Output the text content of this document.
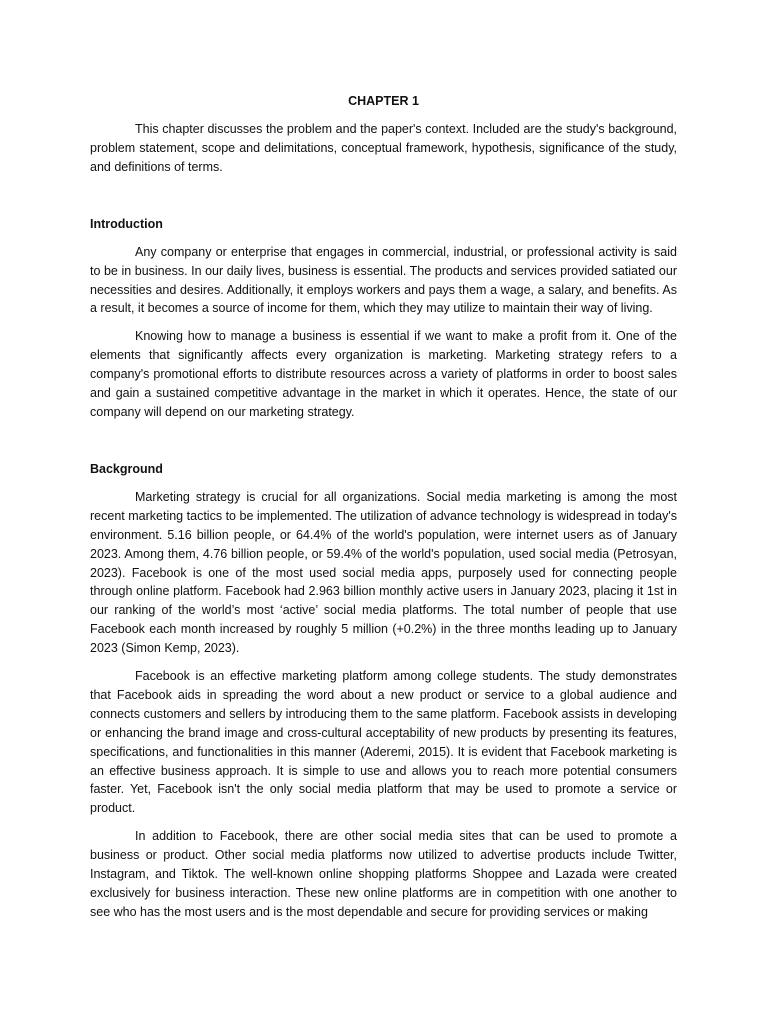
CHAPTER 1

This chapter discusses the problem and the paper's context. Included are the study's background, problem statement, scope and delimitations, conceptual framework, hypothesis, significance of the study, and definitions of terms.

Introduction

Any company or enterprise that engages in commercial, industrial, or professional activity is said to be in business. In our daily lives, business is essential. The products and services provided satiated our necessities and desires. Additionally, it employs workers and pays them a wage, a salary, and benefits. As a result, it becomes a source of income for them, which they may utilize to maintain their way of living.

Knowing how to manage a business is essential if we want to make a profit from it. One of the elements that significantly affects every organization is marketing. Marketing strategy refers to a company's promotional efforts to distribute resources across a variety of platforms in order to boost sales and gain a sustained competitive advantage in the market in which it operates. Hence, the state of our company will depend on our marketing strategy.

Background

Marketing strategy is crucial for all organizations. Social media marketing is among the most recent marketing tactics to be implemented. The utilization of advance technology is widespread in today's environment. 5.16 billion people, or 64.4% of the world's population, were internet users as of January 2023. Among them, 4.76 billion people, or 59.4% of the world's population, used social media (Petrosyan, 2023). Facebook is one of the most used social media apps, purposely used for connecting people through online platform. Facebook had 2.963 billion monthly active users in January 2023, placing it 1st in our ranking of the world’s most ‘active’ social media platforms. The total number of people that use Facebook each month increased by roughly 5 million (+0.2%) in the three months leading up to January 2023 (Simon Kemp, 2023).

Facebook is an effective marketing platform among college students. The study demonstrates that Facebook aids in spreading the word about a new product or service to a global audience and connects customers and sellers by introducing them to the same platform. Facebook assists in developing or enhancing the brand image and cross-cultural acceptability of new products by presenting its features, specifications, and functionalities in this manner (Aderemi, 2015). It is evident that Facebook marketing is an effective business approach. It is simple to use and allows you to reach more potential consumers faster. Yet, Facebook isn't the only social media platform that may be used to promote a service or product.

In addition to Facebook, there are other social media sites that can be used to promote a business or product. Other social media platforms now utilized to advertise products include Twitter, Instagram, and Tiktok. The well-known online shopping platforms Shoppee and Lazada were created exclusively for business interaction. These new online platforms are in competition with one another to see who has the most users and is the most dependable and secure for providing services or making
